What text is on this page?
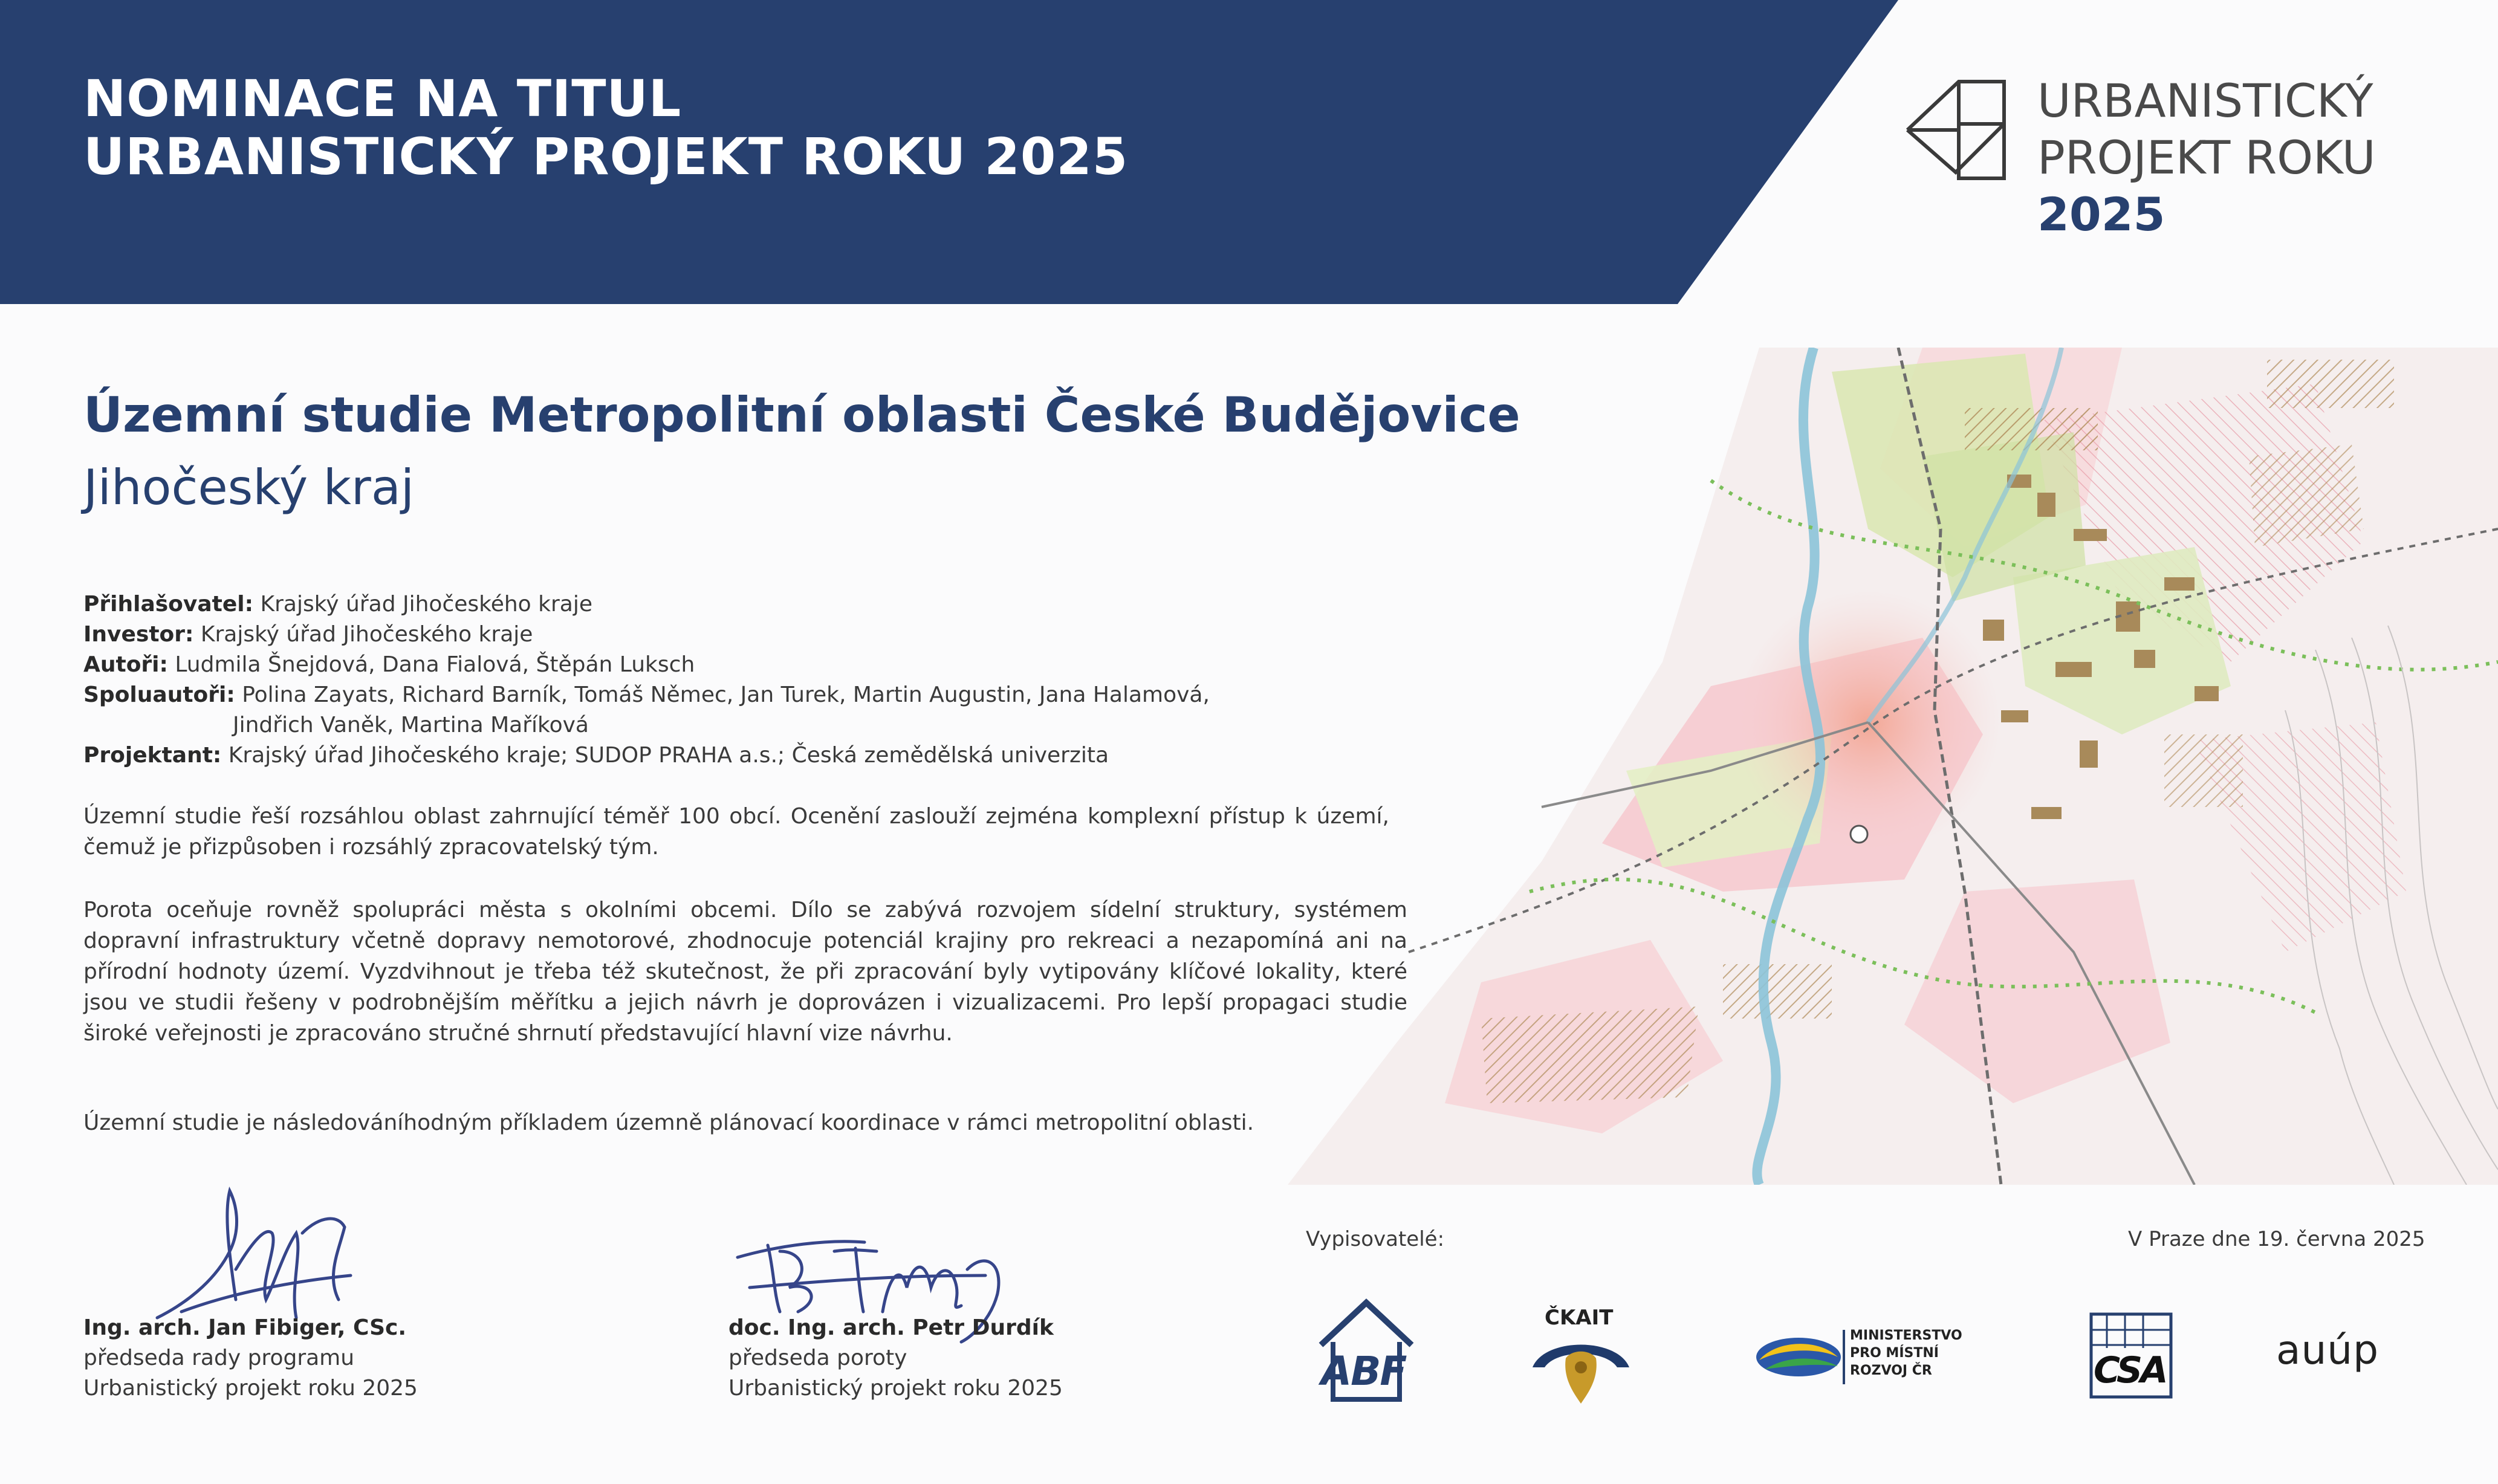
NOMINACE NA TITUL
URBANISTICKÝ PROJEKT ROKU 2025
URBANISTICKÝ
PROJEKT ROKU
2025
Územní studie Metropolitní oblasti České Budějovice
Jihočeský kraj
Přihlašovatel: Krajský úřad Jihočeského kraje
Investor: Krajský úřad Jihočeského kraje
Autoři: Ludmila Šnejdová, Dana Fialová, Štěpán Luksch
Spoluautoři: Polina Zayats, Richard Barník, Tomáš Němec, Jan Turek, Martin Augustin, Jana Halamová,
Jindřich Vaněk, Martina Maříková
Projektant: Krajský úřad Jihočeského kraje; SUDOP PRAHA a.s.; Česká zemědělská univerzita
Územní studie řeší rozsáhlou oblast zahrnující téměř 100 obcí. Ocenění zaslouží zejména komplexní přístup k území, čemuž je přizpůsoben i rozsáhlý zpracovatelský tým.
Porota oceňuje rovněž spolupráci města s okolními obcemi. Dílo se zabývá rozvojem sídelní struktury, systémem dopravní infrastruktury včetně dopravy nemotorové, zhodnocuje potenciál krajiny pro rekreaci a nezapomíná ani na přírodní hodnoty území. Vyzdvihnout je třeba též skutečnost, že při zpracování byly vytipovány klíčové lokality, které jsou ve studii řešeny v podrobnějším měřítku a jejich návrh je doprovázen i vizualizacemi. Pro lepší propagaci studie široké veřejnosti je zpracováno stručné shrnutí představující hlavní vize návrhu.
Územní studie je následováníhodným příkladem územně plánovací koordinace v rámci metropolitní oblasti.
Ing. arch. Jan Fibiger, CSc.
předseda rady programu
Urbanistický projekt roku 2025
doc. Ing. arch. Petr Durdík
předseda poroty
Urbanistický projekt roku 2025
Vypisovatelé:	V Praze dne 19. června 2025
ABF
ČKAIT
MINISTERSTVO
PRO MÍSTNÍ
ROZVOJ ČR	CSA	auúp
